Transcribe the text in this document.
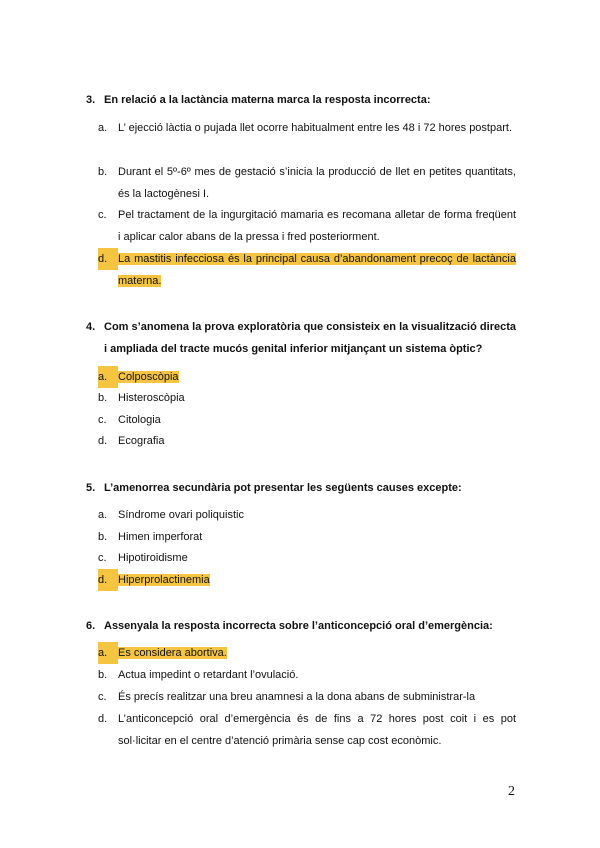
3. En relació a la lactància materna marca la resposta incorrecta:
a. L’ ejecció làctia o pujada llet ocorre habitualment entre les 48 i 72 hores postpart.
b. Durant el 5º-6º mes de gestació s’inicia la producció de llet en petites quantitats, és la lactogènesi I.
c.	Pel tractament de la ingurgitació mamaria es recomana alletar de forma freqüent i aplicar calor abans de la pressa i fred posteriorment.
d. La mastitis infecciosa és la principal causa d’abandonament precoç de lactància materna.
4. Com s’anomena la prova exploratòria que consisteix en la visualització directa i ampliada del tracte mucós genital inferior mitjançant un sistema òptic?
a. Colposcòpia
b. Histeroscòpia
c.	Citologia
d. Ecografia
5. L’amenorrea secundària pot presentar les següents causes excepte:
a. Síndrome ovari poliquistic
b. Himen imperforat
c.	Hipotiroidisme
d. Hiperprolactinemia
6. Assenyala la resposta incorrecta sobre l’anticoncepció oral d’emergència:
a. Es considera abortiva.
b. Actua impedint o retardant l’ovulació.
c.	És precís realitzar una breu anamnesi a la dona abans de subministrar-la
d. L’anticoncepció oral d’emergència és de fins a 72 hores post coit i es pot sol·licitar en el centre d’atenció primària sense cap cost econòmic.
2
